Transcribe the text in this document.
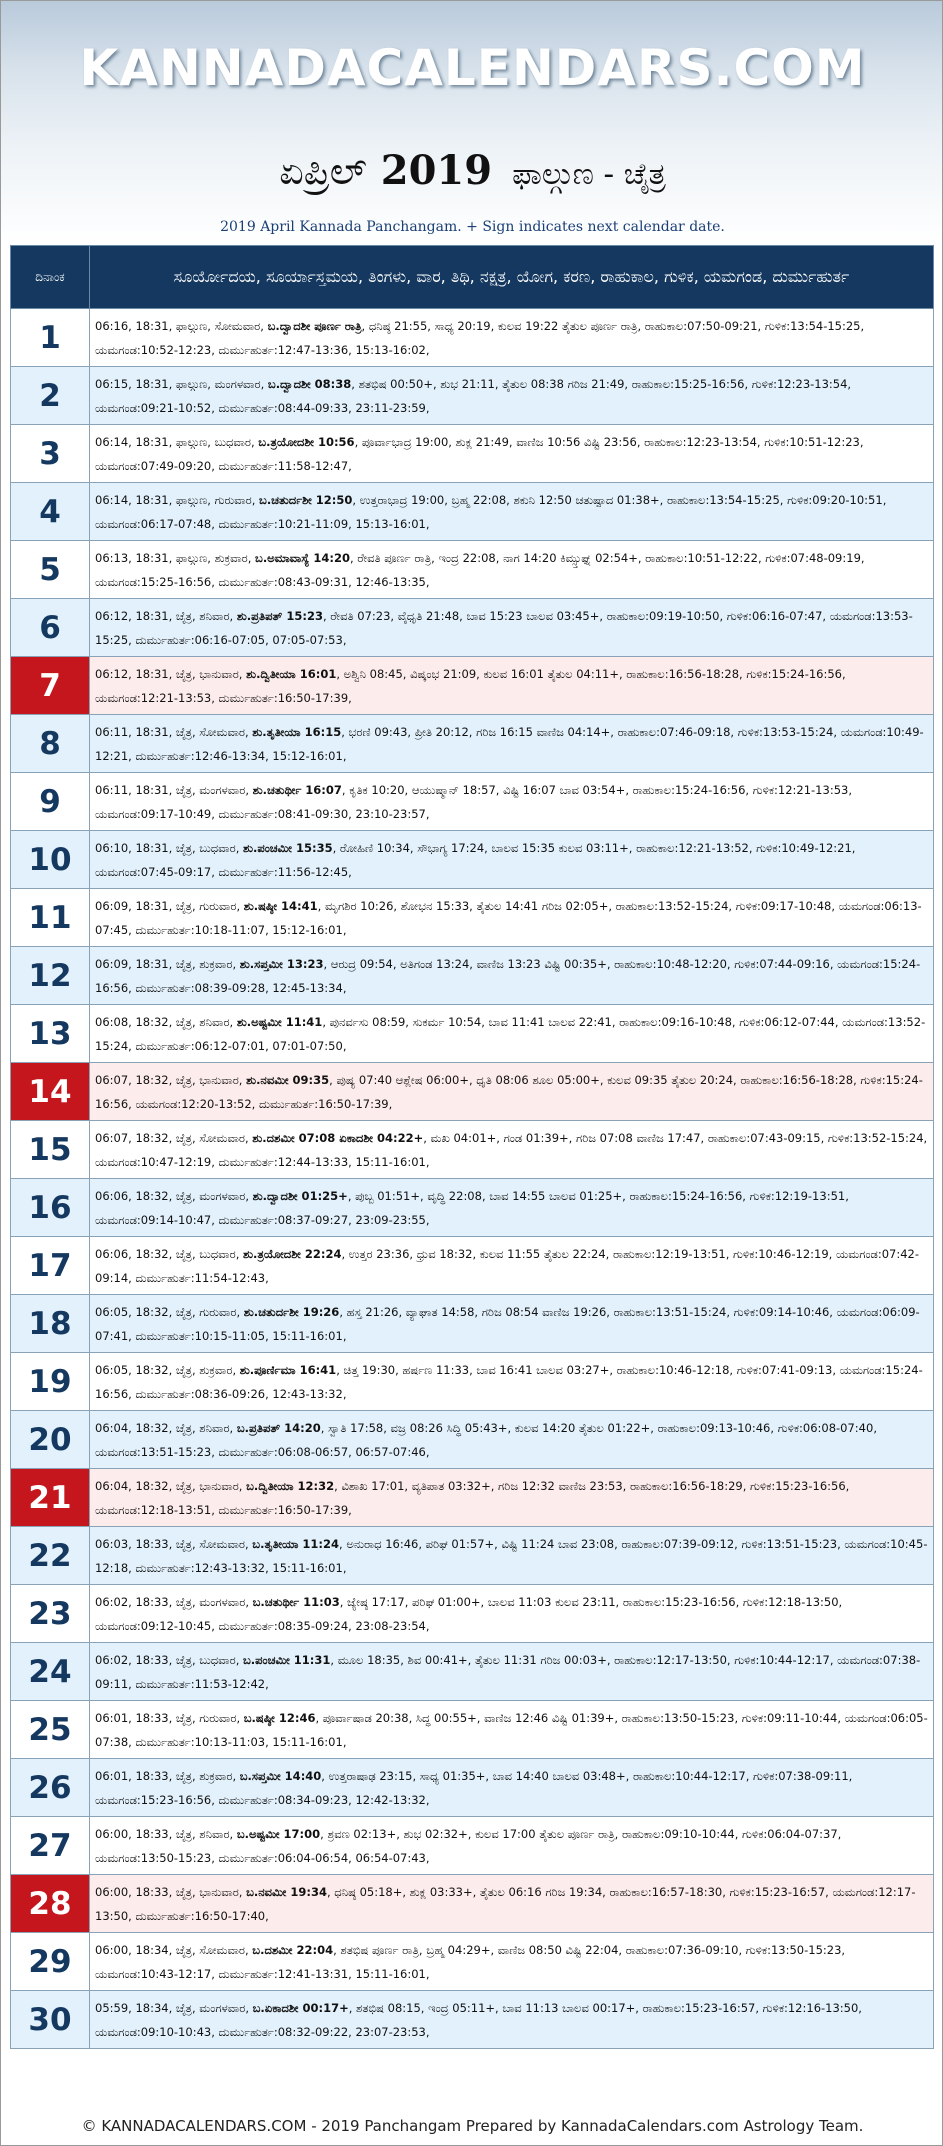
KANNADACALENDARS.COM
ಏಪ್ರಿಲ್ 2019 ಫಾಲ್ಗುಣ - ಚೈತ್ರ
2019 April Kannada Panchangam. + Sign indicates next calendar date.
ದಿನಾಂಕ	ಸೂರ್ಯೋದಯ, ಸೂರ್ಯಾಸ್ತಮಯ, ತಿಂಗಳು, ವಾರ, ತಿಥಿ, ನಕ್ಷತ್ರ, ಯೋಗ, ಕರಣ, ರಾಹುಕಾಲ, ಗುಳಿಕ, ಯಮಗಂಡ, ದುರ್ಮುಹುರ್ತ
1	06:16, 18:31, ಫಾಲ್ಗುಣ, ಸೋಮವಾರ, ಬ.ದ್ವಾದಶೀ ಪೂರ್ಣ ರಾತ್ರಿ, ಧನಿಷ್ಠ 21:55, ಸಾಧ್ಯ 20:19, ಕುಲವ 19:22 ತೈತುಲ ಪೂರ್ಣ ರಾತ್ರಿ, ರಾಹುಕಾಲ:07:50-09:21, ಗುಳಿಕ:13:54-15:25, ಯಮಗಂಡ:10:52-12:23, ದುರ್ಮುಹುರ್ತ:12:47-13:36, 15:13-16:02,
2	06:15, 18:31, ಫಾಲ್ಗುಣ, ಮಂಗಳವಾರ, ಬ.ದ್ವಾದಶೀ 08:38, ಶತಭಿಷ 00:50+, ಶುಭ 21:11, ತೈತುಲ 08:38 ಗರಿಜ 21:49, ರಾಹುಕಾಲ:15:25-16:56, ಗುಳಿಕ:12:23-13:54, ಯಮಗಂಡ:09:21-10:52, ದುರ್ಮುಹುರ್ತ:08:44-09:33, 23:11-23:59,
3	06:14, 18:31, ಫಾಲ್ಗುಣ, ಬುಧವಾರ, ಬ.ತ್ರಯೋದಶೀ 10:56, ಪೂರ್ವಾಭಾದ್ರ 19:00, ಶುಕ್ಲ 21:49, ವಾಣಿಜ 10:56 ವಿಷ್ಟಿ 23:56, ರಾಹುಕಾಲ:12:23-13:54, ಗುಳಿಕ:10:51-12:23, ಯಮಗಂಡ:07:49-09:20, ದುರ್ಮುಹುರ್ತ:11:58-12:47,
4	06:14, 18:31, ಫಾಲ್ಗುಣ, ಗುರುವಾರ, ಬ.ಚತುರ್ದಶೀ 12:50, ಉತ್ತರಾಭಾದ್ರ 19:00, ಬ್ರಹ್ಮ 22:08, ಶಕುನಿ 12:50 ಚತುಷ್ಪಾದ 01:38+, ರಾಹುಕಾಲ:13:54-15:25, ಗುಳಿಕ:09:20-10:51, ಯಮಗಂಡ:06:17-07:48, ದುರ್ಮುಹುರ್ತ:10:21-11:09, 15:13-16:01,
5	06:13, 18:31, ಫಾಲ್ಗುಣ, ಶುಕ್ರವಾರ, ಬ.ಅಮಾವಾಸ್ಯೆ 14:20, ರೇವತಿ ಪೂರ್ಣ ರಾತ್ರಿ, ಇಂದ್ರ 22:08, ನಾಗ 14:20 ಕಿಮ್ಸ್ತುಘ್ನ 02:54+, ರಾಹುಕಾಲ:10:51-12:22, ಗುಳಿಕ:07:48-09:19, ಯಮಗಂಡ:15:25-16:56, ದುರ್ಮುಹುರ್ತ:08:43-09:31, 12:46-13:35,
6	06:12, 18:31, ಚೈತ್ರ, ಶನಿವಾರ, ಶು.ಪ್ರತಿಪತ್ 15:23, ರೇವತಿ 07:23, ವೈಧೃತಿ 21:48, ಬಾವ 15:23 ಬಾಲವ 03:45+, ರಾಹುಕಾಲ:09:19-10:50, ಗುಳಿಕ:06:16-07:47, ಯಮಗಂಡ:13:53-15:25, ದುರ್ಮುಹುರ್ತ:06:16-07:05, 07:05-07:53,
7	06:12, 18:31, ಚೈತ್ರ, ಭಾನುವಾರ, ಶು.ದ್ವಿತೀಯಾ 16:01, ಅಶ್ವಿನಿ 08:45, ವಿಷ್ಕಂಭ 21:09, ಕುಲವ 16:01 ತೈತುಲ 04:11+, ರಾಹುಕಾಲ:16:56-18:28, ಗುಳಿಕ:15:24-16:56, ಯಮಗಂಡ:12:21-13:53, ದುರ್ಮುಹುರ್ತ:16:50-17:39,
8	06:11, 18:31, ಚೈತ್ರ, ಸೋಮವಾರ, ಶು.ತೃತೀಯಾ 16:15, ಭರಣಿ 09:43, ಪ್ರೀತಿ 20:12, ಗರಿಜ 16:15 ವಾಣಿಜ 04:14+, ರಾಹುಕಾಲ:07:46-09:18, ಗುಳಿಕ:13:53-15:24, ಯಮಗಂಡ:10:49-12:21, ದುರ್ಮುಹುರ್ತ:12:46-13:34, 15:12-16:01,
9	06:11, 18:31, ಚೈತ್ರ, ಮಂಗಳವಾರ, ಶು.ಚತುರ್ಥೀ 16:07, ಕೃತಿಕ 10:20, ಆಯುಷ್ಮಾನ್ 18:57, ವಿಷ್ಟಿ 16:07 ಬಾವ 03:54+, ರಾಹುಕಾಲ:15:24-16:56, ಗುಳಿಕ:12:21-13:53, ಯಮಗಂಡ:09:17-10:49, ದುರ್ಮುಹುರ್ತ:08:41-09:30, 23:10-23:57,
10	06:10, 18:31, ಚೈತ್ರ, ಬುಧವಾರ, ಶು.ಪಂಚಮೀ 15:35, ರೋಹಿಣಿ 10:34, ಸೌಭಾಗ್ಯ 17:24, ಬಾಲವ 15:35 ಕುಲವ 03:11+, ರಾಹುಕಾಲ:12:21-13:52, ಗುಳಿಕ:10:49-12:21, ಯಮಗಂಡ:07:45-09:17, ದುರ್ಮುಹುರ್ತ:11:56-12:45,
11	06:09, 18:31, ಚೈತ್ರ, ಗುರುವಾರ, ಶು.ಷಷ್ಠೀ 14:41, ಮೃಗಶಿರ 10:26, ಶೋಭನ 15:33, ತೈತುಲ 14:41 ಗರಿಜ 02:05+, ರಾಹುಕಾಲ:13:52-15:24, ಗುಳಿಕ:09:17-10:48, ಯಮಗಂಡ:06:13-07:45, ದುರ್ಮುಹುರ್ತ:10:18-11:07, 15:12-16:01,
12	06:09, 18:31, ಚೈತ್ರ, ಶುಕ್ರವಾರ, ಶು.ಸಪ್ತಮೀ 13:23, ಆರುದ್ರ 09:54, ಅತಿಗಂಡ 13:24, ವಾಣಿಜ 13:23 ವಿಷ್ಟಿ 00:35+, ರಾಹುಕಾಲ:10:48-12:20, ಗುಳಿಕ:07:44-09:16, ಯಮಗಂಡ:15:24-16:56, ದುರ್ಮುಹುರ್ತ:08:39-09:28, 12:45-13:34,
13	06:08, 18:32, ಚೈತ್ರ, ಶನಿವಾರ, ಶು.ಅಷ್ಟಮೀ 11:41, ಪುನರ್ವಸು 08:59, ಸುಕರ್ಮ 10:54, ಬಾವ 11:41 ಬಾಲವ 22:41, ರಾಹುಕಾಲ:09:16-10:48, ಗುಳಿಕ:06:12-07:44, ಯಮಗಂಡ:13:52-15:24, ದುರ್ಮುಹುರ್ತ:06:12-07:01, 07:01-07:50,
14	06:07, 18:32, ಚೈತ್ರ, ಭಾನುವಾರ, ಶು.ನವಮೀ 09:35, ಪುಷ್ಯ 07:40 ಆಶ್ಲೇಷ 06:00+, ಧೃತಿ 08:06 ಶೂಲ 05:00+, ಕುಲವ 09:35 ತೈತುಲ 20:24, ರಾಹುಕಾಲ:16:56-18:28, ಗುಳಿಕ:15:24-16:56, ಯಮಗಂಡ:12:20-13:52, ದುರ್ಮುಹುರ್ತ:16:50-17:39,
15	06:07, 18:32, ಚೈತ್ರ, ಸೋಮವಾರ, ಶು.ದಶಮೀ 07:08 ಏಕಾದಶೀ 04:22+, ಮಖ 04:01+, ಗಂಡ 01:39+, ಗರಿಜ 07:08 ವಾಣಿಜ 17:47, ರಾಹುಕಾಲ:07:43-09:15, ಗುಳಿಕ:13:52-15:24, ಯಮಗಂಡ:10:47-12:19, ದುರ್ಮುಹುರ್ತ:12:44-13:33, 15:11-16:01,
16	06:06, 18:32, ಚೈತ್ರ, ಮಂಗಳವಾರ, ಶು.ದ್ವಾದಶೀ 01:25+, ಪುಬ್ಬ 01:51+, ವೃದ್ಧಿ 22:08, ಬಾವ 14:55 ಬಾಲವ 01:25+, ರಾಹುಕಾಲ:15:24-16:56, ಗುಳಿಕ:12:19-13:51, ಯಮಗಂಡ:09:14-10:47, ದುರ್ಮುಹುರ್ತ:08:37-09:27, 23:09-23:55,
17	06:06, 18:32, ಚೈತ್ರ, ಬುಧವಾರ, ಶು.ತ್ರಯೋದಶೀ 22:24, ಉತ್ತರ 23:36, ಧ್ರುವ 18:32, ಕುಲವ 11:55 ತೈತುಲ 22:24, ರಾಹುಕಾಲ:12:19-13:51, ಗುಳಿಕ:10:46-12:19, ಯಮಗಂಡ:07:42-09:14, ದುರ್ಮುಹುರ್ತ:11:54-12:43,
18	06:05, 18:32, ಚೈತ್ರ, ಗುರುವಾರ, ಶು.ಚತುರ್ದಶೀ 19:26, ಹಸ್ತ 21:26, ವ್ಯಾಘಾತ 14:58, ಗರಿಜ 08:54 ವಾಣಿಜ 19:26, ರಾಹುಕಾಲ:13:51-15:24, ಗುಳಿಕ:09:14-10:46, ಯಮಗಂಡ:06:09-07:41, ದುರ್ಮುಹುರ್ತ:10:15-11:05, 15:11-16:01,
19	06:05, 18:32, ಚೈತ್ರ, ಶುಕ್ರವಾರ, ಶು.ಪೂರ್ಣಿಮಾ 16:41, ಚಿತ್ತ 19:30, ಹರ್ಷಣ 11:33, ಬಾವ 16:41 ಬಾಲವ 03:27+, ರಾಹುಕಾಲ:10:46-12:18, ಗುಳಿಕ:07:41-09:13, ಯಮಗಂಡ:15:24-16:56, ದುರ್ಮುಹುರ್ತ:08:36-09:26, 12:43-13:32,
20	06:04, 18:32, ಚೈತ್ರ, ಶನಿವಾರ, ಬ.ಪ್ರತಿಪತ್ 14:20, ಸ್ವಾತಿ 17:58, ವಜ್ರ 08:26 ಸಿದ್ಧಿ 05:43+, ಕುಲವ 14:20 ತೈತುಲ 01:22+, ರಾಹುಕಾಲ:09:13-10:46, ಗುಳಿಕ:06:08-07:40, ಯಮಗಂಡ:13:51-15:23, ದುರ್ಮುಹುರ್ತ:06:08-06:57, 06:57-07:46,
21	06:04, 18:32, ಚೈತ್ರ, ಭಾನುವಾರ, ಬ.ದ್ವಿತೀಯಾ 12:32, ವಿಶಾಖ 17:01, ವ್ಯತಿಪಾತ 03:32+, ಗರಿಜ 12:32 ವಾಣಿಜ 23:53, ರಾಹುಕಾಲ:16:56-18:29, ಗುಳಿಕ:15:23-16:56, ಯಮಗಂಡ:12:18-13:51, ದುರ್ಮುಹುರ್ತ:16:50-17:39,
22	06:03, 18:33, ಚೈತ್ರ, ಸೋಮವಾರ, ಬ.ತೃತೀಯಾ 11:24, ಅನುರಾಧ 16:46, ಪರಿಘ 01:57+, ವಿಷ್ಟಿ 11:24 ಬಾವ 23:08, ರಾಹುಕಾಲ:07:39-09:12, ಗುಳಿಕ:13:51-15:23, ಯಮಗಂಡ:10:45-12:18, ದುರ್ಮುಹುರ್ತ:12:43-13:32, 15:11-16:01,
23	06:02, 18:33, ಚೈತ್ರ, ಮಂಗಳವಾರ, ಬ.ಚತುರ್ಥೀ 11:03, ಜ್ಯೇಷ್ಠ 17:17, ಪರಿಘ 01:00+, ಬಾಲವ 11:03 ಕುಲವ 23:11, ರಾಹುಕಾಲ:15:23-16:56, ಗುಳಿಕ:12:18-13:50, ಯಮಗಂಡ:09:12-10:45, ದುರ್ಮುಹುರ್ತ:08:35-09:24, 23:08-23:54,
24	06:02, 18:33, ಚೈತ್ರ, ಬುಧವಾರ, ಬ.ಪಂಚಮೀ 11:31, ಮೂಲ 18:35, ಶಿವ 00:41+, ತೈತುಲ 11:31 ಗರಿಜ 00:03+, ರಾಹುಕಾಲ:12:17-13:50, ಗುಳಿಕ:10:44-12:17, ಯಮಗಂಡ:07:38-09:11, ದುರ್ಮುಹುರ್ತ:11:53-12:42,
25	06:01, 18:33, ಚೈತ್ರ, ಗುರುವಾರ, ಬ.ಷಷ್ಠೀ 12:46, ಪೂರ್ವಾಷಾಡ 20:38, ಸಿದ್ಧ 00:55+, ವಾಣಿಜ 12:46 ವಿಷ್ಟಿ 01:39+, ರಾಹುಕಾಲ:13:50-15:23, ಗುಳಿಕ:09:11-10:44, ಯಮಗಂಡ:06:05-07:38, ದುರ್ಮುಹುರ್ತ:10:13-11:03, 15:11-16:01,
26	06:01, 18:33, ಚೈತ್ರ, ಶುಕ್ರವಾರ, ಬ.ಸಪ್ತಮೀ 14:40, ಉತ್ತರಾಷಾಢ 23:15, ಸಾಧ್ಯ 01:35+, ಬಾವ 14:40 ಬಾಲವ 03:48+, ರಾಹುಕಾಲ:10:44-12:17, ಗುಳಿಕ:07:38-09:11, ಯಮಗಂಡ:15:23-16:56, ದುರ್ಮುಹುರ್ತ:08:34-09:23, 12:42-13:32,
27	06:00, 18:33, ಚೈತ್ರ, ಶನಿವಾರ, ಬ.ಅಷ್ಟಮೀ 17:00, ಶ್ರವಣ 02:13+, ಶುಭ 02:32+, ಕುಲವ 17:00 ತೈತುಲ ಪೂರ್ಣ ರಾತ್ರಿ, ರಾಹುಕಾಲ:09:10-10:44, ಗುಳಿಕ:06:04-07:37, ಯಮಗಂಡ:13:50-15:23, ದುರ್ಮುಹುರ್ತ:06:04-06:54, 06:54-07:43,
28	06:00, 18:33, ಚೈತ್ರ, ಭಾನುವಾರ, ಬ.ನವಮೀ 19:34, ಧನಿಷ್ಠ 05:18+, ಶುಕ್ಲ 03:33+, ತೈತುಲ 06:16 ಗರಿಜ 19:34, ರಾಹುಕಾಲ:16:57-18:30, ಗುಳಿಕ:15:23-16:57, ಯಮಗಂಡ:12:17-13:50, ದುರ್ಮುಹುರ್ತ:16:50-17:40,
29	06:00, 18:34, ಚೈತ್ರ, ಸೋಮವಾರ, ಬ.ದಶಮೀ 22:04, ಶತಭಿಷ ಪೂರ್ಣ ರಾತ್ರಿ, ಬ್ರಹ್ಮ 04:29+, ವಾಣಿಜ 08:50 ವಿಷ್ಟಿ 22:04, ರಾಹುಕಾಲ:07:36-09:10, ಗುಳಿಕ:13:50-15:23, ಯಮಗಂಡ:10:43-12:17, ದುರ್ಮುಹುರ್ತ:12:41-13:31, 15:11-16:01,
30	05:59, 18:34, ಚೈತ್ರ, ಮಂಗಳವಾರ, ಬ.ಏಕಾದಶೀ 00:17+, ಶತಭಿಷ 08:15, ಇಂದ್ರ 05:11+, ಬಾವ 11:13 ಬಾಲವ 00:17+, ರಾಹುಕಾಲ:15:23-16:57, ಗುಳಿಕ:12:16-13:50, ಯಮಗಂಡ:09:10-10:43, ದುರ್ಮುಹುರ್ತ:08:32-09:22, 23:07-23:53,
© KANNADACALENDARS.COM - 2019 Panchangam Prepared by KannadaCalendars.com Astrology Team.
